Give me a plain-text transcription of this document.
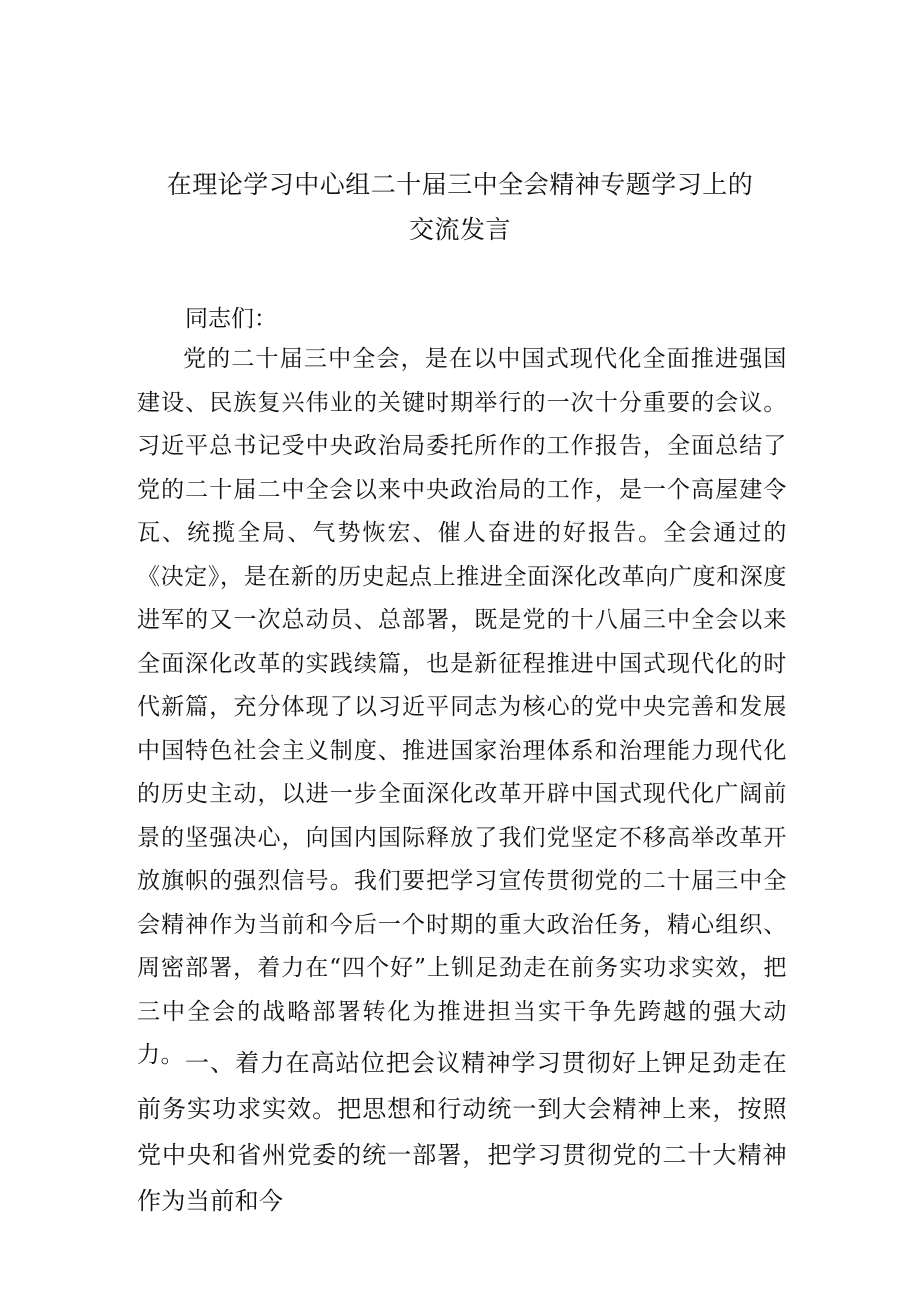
在理论学习中心组二十届三中全会精神专题学习上的
交流发言
同志们：

党的二十届三中全会，是在以中国式现代化全面推进强国建设、民族复兴伟业的关键时期举行的一次十分重要的会议。习近平总书记受中央政治局委托所作的工作报告，全面总结了党的二十届二中全会以来中央政治局的工作，是一个高屋建令瓦、统揽全局、气势恢宏、催人奋进的好报告。全会通过的《决定》，是在新的历史起点上推进全面深化改革向广度和深度进军的又一次总动员、总部署，既是党的十八届三中全会以来全面深化改革的实践续篇，也是新征程推进中国式现代化的时代新篇，充分体现了以习近平同志为核心的党中央完善和发展中国特色社会主义制度、推进国家治理体系和治理能力现代化的历史主动，以进一步全面深化改革开辟中国式现代化广阔前景的坚强决心，向国内国际释放了我们党坚定不移高举改革开放旗帜的强烈信号。我们要把学习宣传贯彻党的二十届三中全会精神作为当前和今后一个时期的重大政治任务，精心组织、周密部署，着力在“四个好”上钏足劲走在前务实功求实效，把三中全会的战略部署转化为推进担当实干争先跨越的强大动力。 一、着力在高站位把会议精神学习贯彻好上钾足劲走在前务实功求实效。把思想和行动统一到大会精神上来，按照党中央和省州党委的统一部署，把学习贯彻党的二十大精神作为当前和今
